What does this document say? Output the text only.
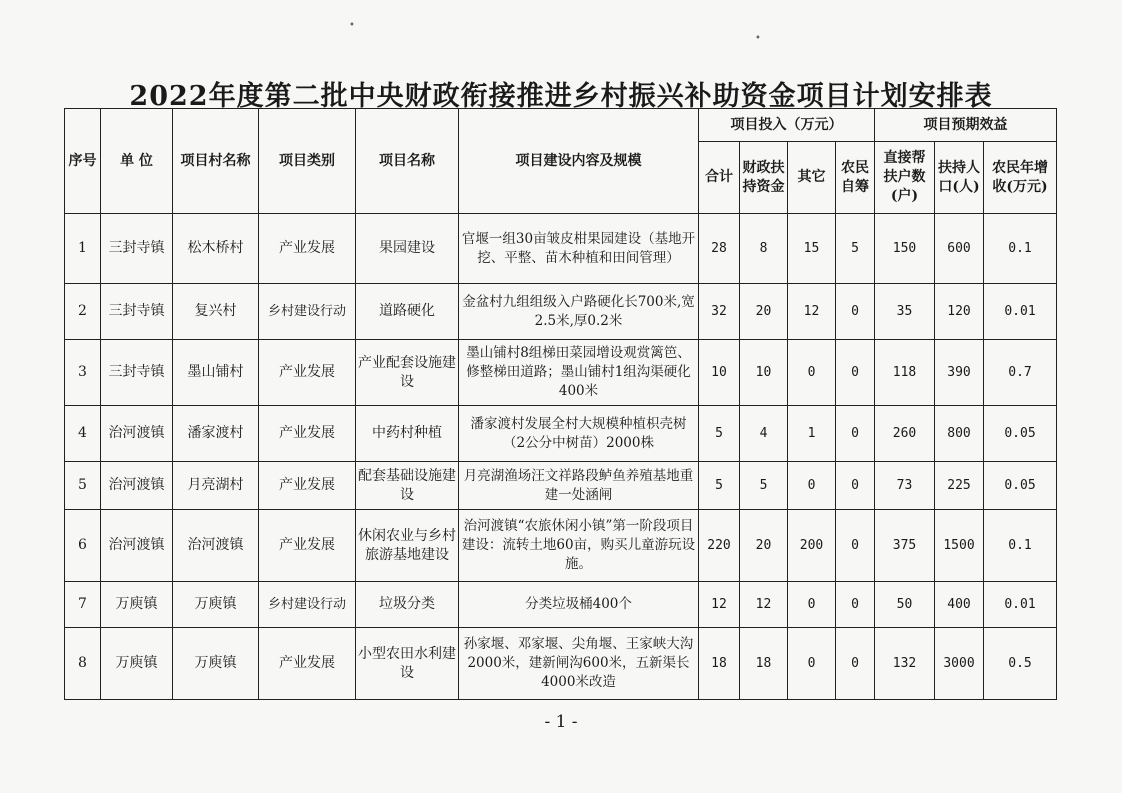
•
•
2022年度第二批中央财政衔接推进乡村振兴补助资金项目计划安排表
序号	单 位	项目村名称	项目类别	项目名称	项目建设内容及规模	项目投入（万元）				项目预期效益		
						合计	财政扶持资金	其它	农民自筹	直接帮扶户数(户)	扶持人口(人)	农民年增收(万元)
1	三封寺镇	松木桥村	产业发展	果园建设	官堰一组30亩皱皮柑果园建设（基地开挖、平整、苗木种植和田间管理）	28	8	15	5	150	600	0.1
2	三封寺镇	复兴村	乡村建设行动	道路硬化	金盆村九组组级入户路硬化长700米,宽2.5米,厚0.2米	32	20	12	0	35	120	0.01
3	三封寺镇	墨山铺村	产业发展	产业配套设施建设	墨山铺村8组梯田菜园增设观赏篱笆、修整梯田道路；墨山铺村1组沟渠硬化400米	10	10	0	0	118	390	0.7
4	治河渡镇	潘家渡村	产业发展	中药村种植	潘家渡村发展全村大规模种植枳壳树（2公分中树苗）2000株	5	4	1	0	260	800	0.05
5	治河渡镇	月亮湖村	产业发展	配套基础设施建设	月亮湖渔场汪文祥路段鲈鱼养殖基地重建一处涵闸	5	5	0	0	73	225	0.05
6	治河渡镇	治河渡镇	产业发展	休闲农业与乡村旅游基地建设	治河渡镇“农旅休闲小镇”第一阶段项目建设：流转土地60亩，购买儿童游玩设施。	220	20	200	0	375	1500	0.1
7	万庾镇	万庾镇	乡村建设行动	垃圾分类	分类垃圾桶400个	12	12	0	0	50	400	0.01
8	万庾镇	万庾镇	产业发展	小型农田水利建设	孙家堰、邓家堰、尖角堰、王家峡大沟2000米，建新闸沟600米，五新渠长4000米改造	18	18	0	0	132	3000	0.5
- 1 -
